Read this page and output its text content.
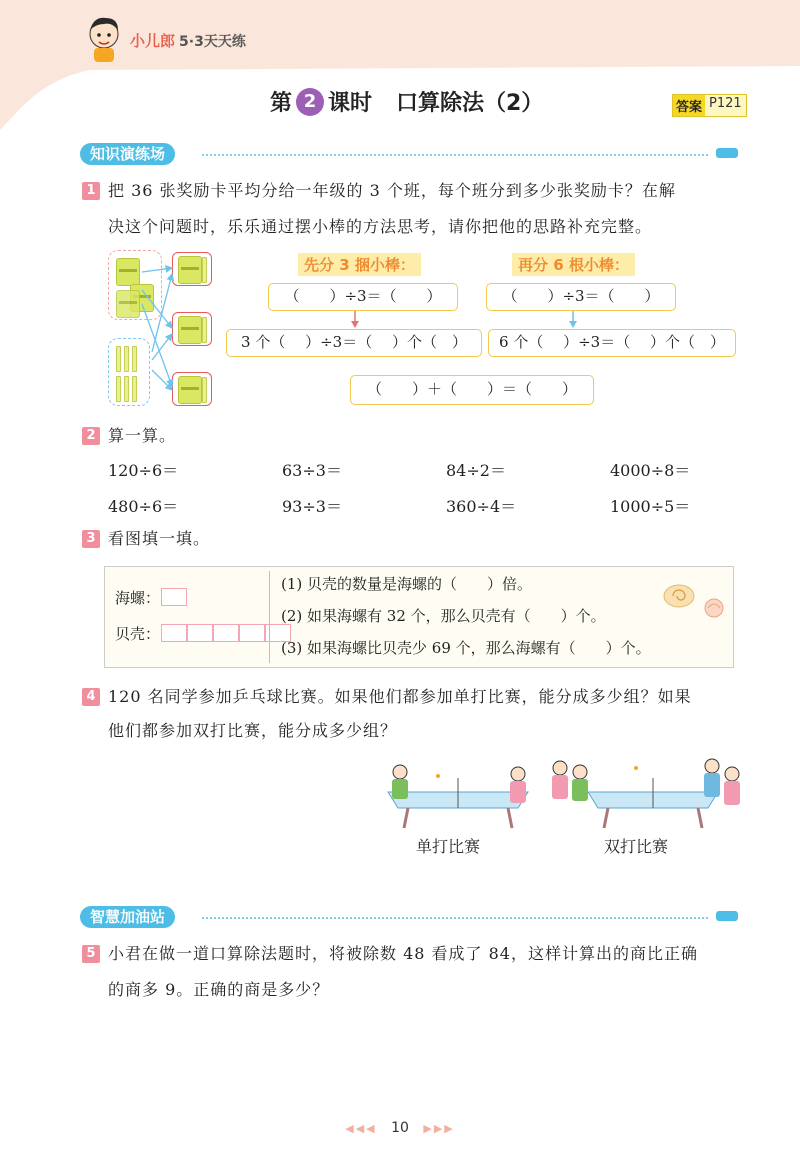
小儿郎 5·3天天练
第 2 课时 口算除法（2）	答案 P121
知识演练场
1 把 36 张奖励卡平均分给一年级的 3 个班，每个班分到多少张奖励卡？在解
决这个问题时，乐乐通过摆小棒的方法思考，请你把他的思路补充完整。
先分 3 捆小棒：	再分 6 根小棒：
（　　）÷3＝（　　）	（　　）÷3＝（　　）
3 个（　 ）÷3＝（　 ）个（　）	6 个（　 ）÷3＝（　 ）个（　）
（　　）＋（　　）＝（　　）
2 算一算。
120÷6＝	63÷3＝	84÷2＝	4000÷8＝
480÷6＝	93÷3＝	360÷4＝	1000÷5＝
3 看图填一填。
海螺：
贝壳：
(1) 贝壳的数量是海螺的（　　）倍。
(2) 如果海螺有 32 个，那么贝壳有（　　）个。
(3) 如果海螺比贝壳少 69 个，那么海螺有（　　）个。
4 120 名同学参加乒乓球比赛。如果他们都参加单打比赛，能分成多少组？如果
他们都参加双打比赛，能分成多少组？
单打比赛	双打比赛
智慧加油站
5 小君在做一道口算除法题时，将被除数 48 看成了 84，这样计算出的商比正确
的商多 9。正确的商是多少？
◀◀◀ 10 ▶▶▶
